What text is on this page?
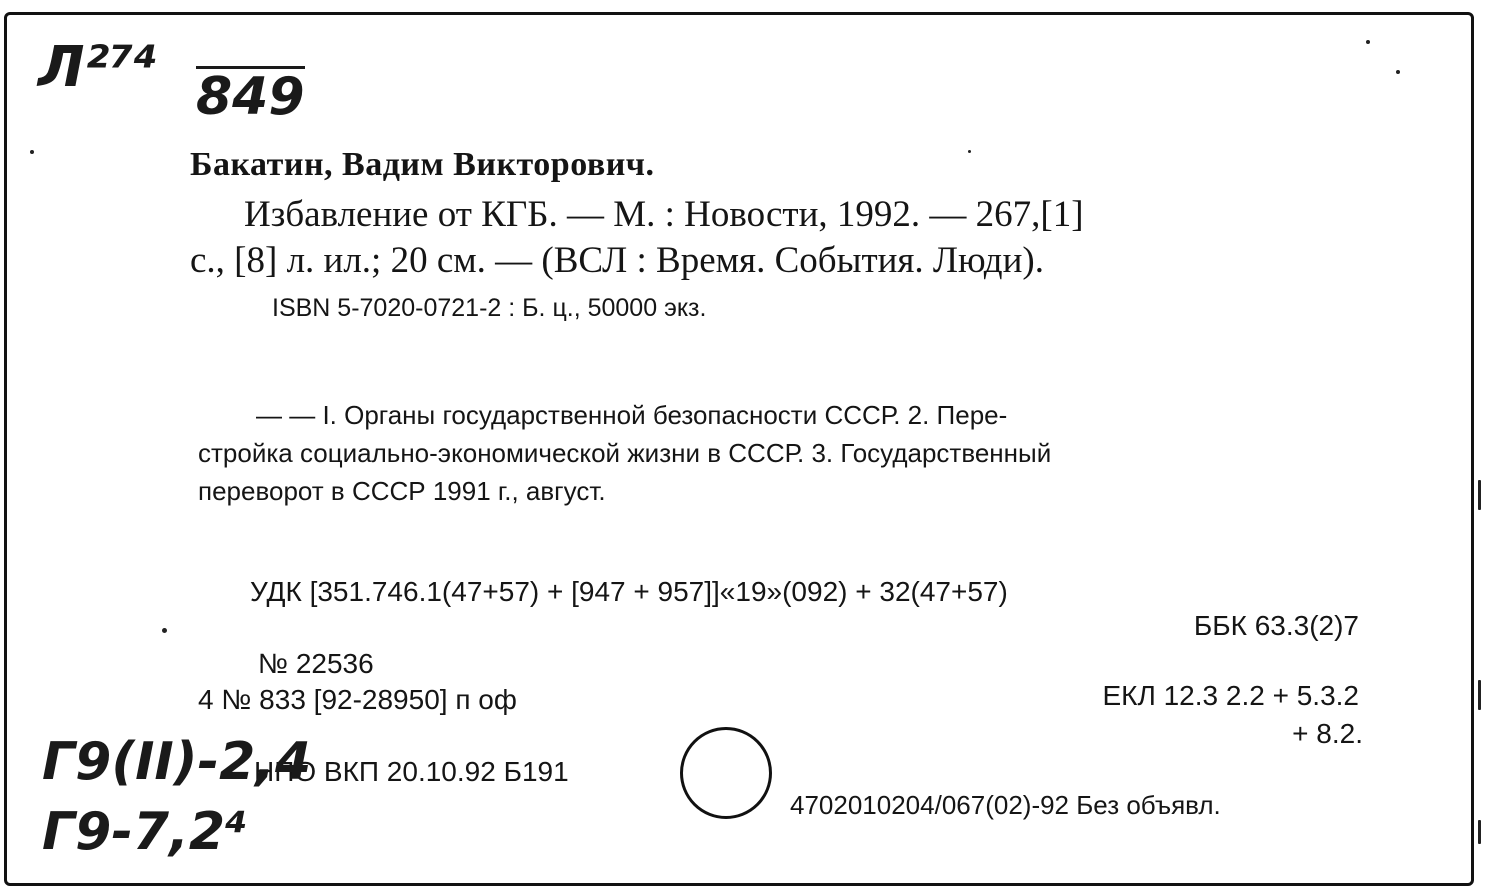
Л²⁷⁴ 849
Бакатин, Вадим Викторович.
Избавление от КГБ. — М. : Новости, 1992. — 267,[1]
с., [8] л. ил.; 20 см. — (ВСЛ : Время. События. Люди).
ISBN 5-7020-0721-2 : Б. ц., 50000 экз.
— — I. Органы государственной безопасности СССР. 2. Пере-
стройка социально-экономической жизни в СССР. 3. Государственный
переворот в СССР 1991 г., август.
УДК [351.746.1(47+57) + [947 + 957]]«19»(092) + 32(47+57)
ББК 63.3(2)7
№ 22536
4 № 833 [92-28950] п оф	ЕКЛ 12.3 2.2 + 5.3.2
+ 8.2.
НПО ВКП 20.10.92 Б191
4702010204/067(02)-92 Без объявл.
Г9(II)-2,4
Г9-7,2⁴
